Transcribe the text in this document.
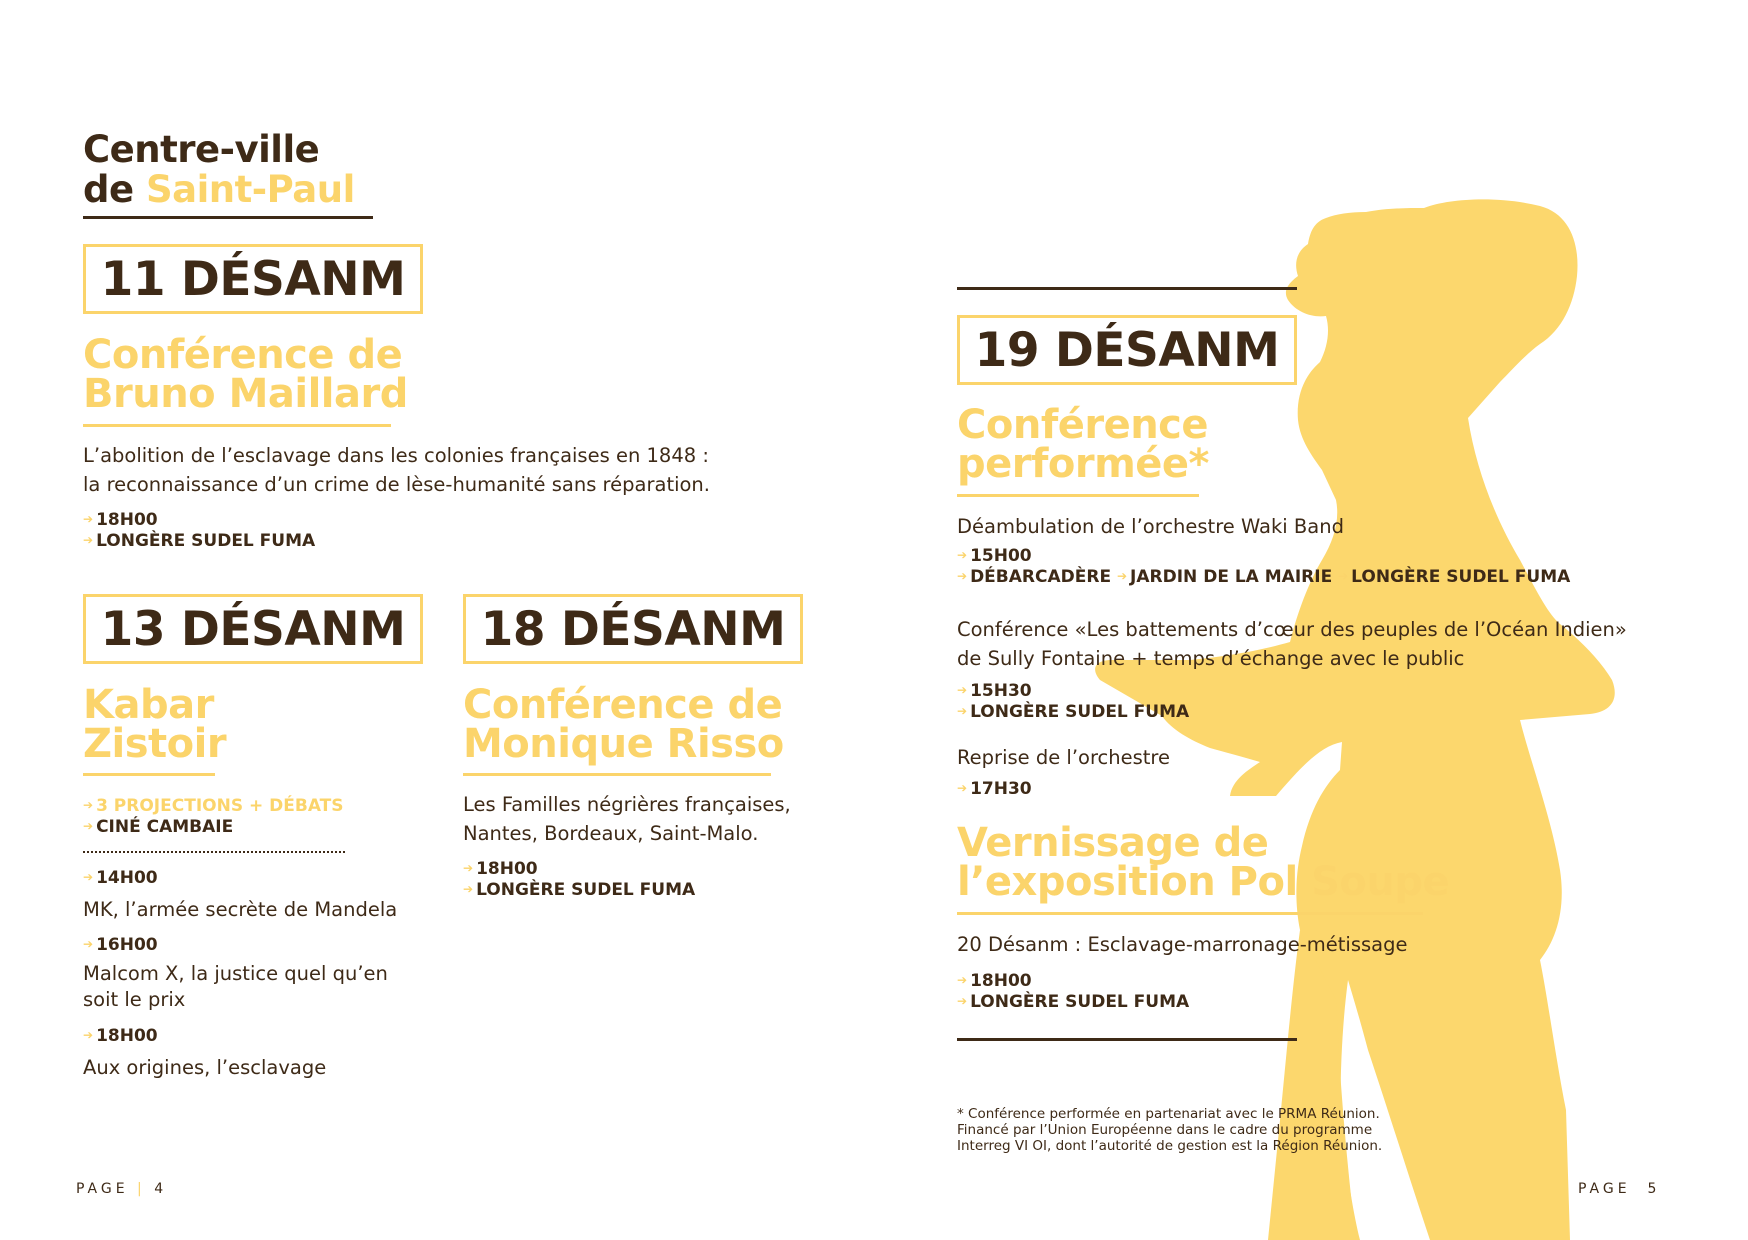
Centre-ville
de Saint-Paul
11 DÉSANM
Conférence de
Bruno Maillard
L’abolition de l’esclavage dans les colonies françaises en 1848 :
la reconnaissance d’un crime de lèse-humanité sans réparation.
➔ 18H00
➔ LONGÈRE SUDEL FUMA
13 DÉSANM
Kabar
Zistoir
➔ 3 PROJECTIONS + DÉBATS
➔ CINÉ CAMBAIE
➔ 14H00
MK, l’armée secrète de Mandela
➔ 16H00
Malcom X, la justice quel qu’en
soit le prix
➔ 18H00
Aux origines, l’esclavage
18 DÉSANM
Conférence de
Monique Risso
Les Familles négrières françaises,
Nantes, Bordeaux, Saint-Malo.
➔ 18H00
➔ LONGÈRE SUDEL FUMA
19 DÉSANM
Conférence
performée*
Déambulation de l’orchestre Waki Band
➔ 15H00
➔ DÉBARCADÈRE ➔ JARDIN DE LA MAIRIE ➔ LONGÈRE SUDEL FUMA
Conférence «Les battements d’cœur des peuples de l’Océan Indien»
de Sully Fontaine + temps d’échange avec le public
➔ 15H30
➔ LONGÈRE SUDEL FUMA
Reprise de l’orchestre
➔ 17H30
Vernissage de
l’exposition Pol Soupe
20 Désanm : Esclavage-marronage-métissage
➔ 18H00
➔ LONGÈRE SUDEL FUMA
* Conférence performée en partenariat avec le PRMA Réunion.
Financé par l’Union Européenne dans le cadre du programme
Interreg VI OI, dont l’autorité de gestion est la Région Réunion.
PAGE | 4	PAGE 5
